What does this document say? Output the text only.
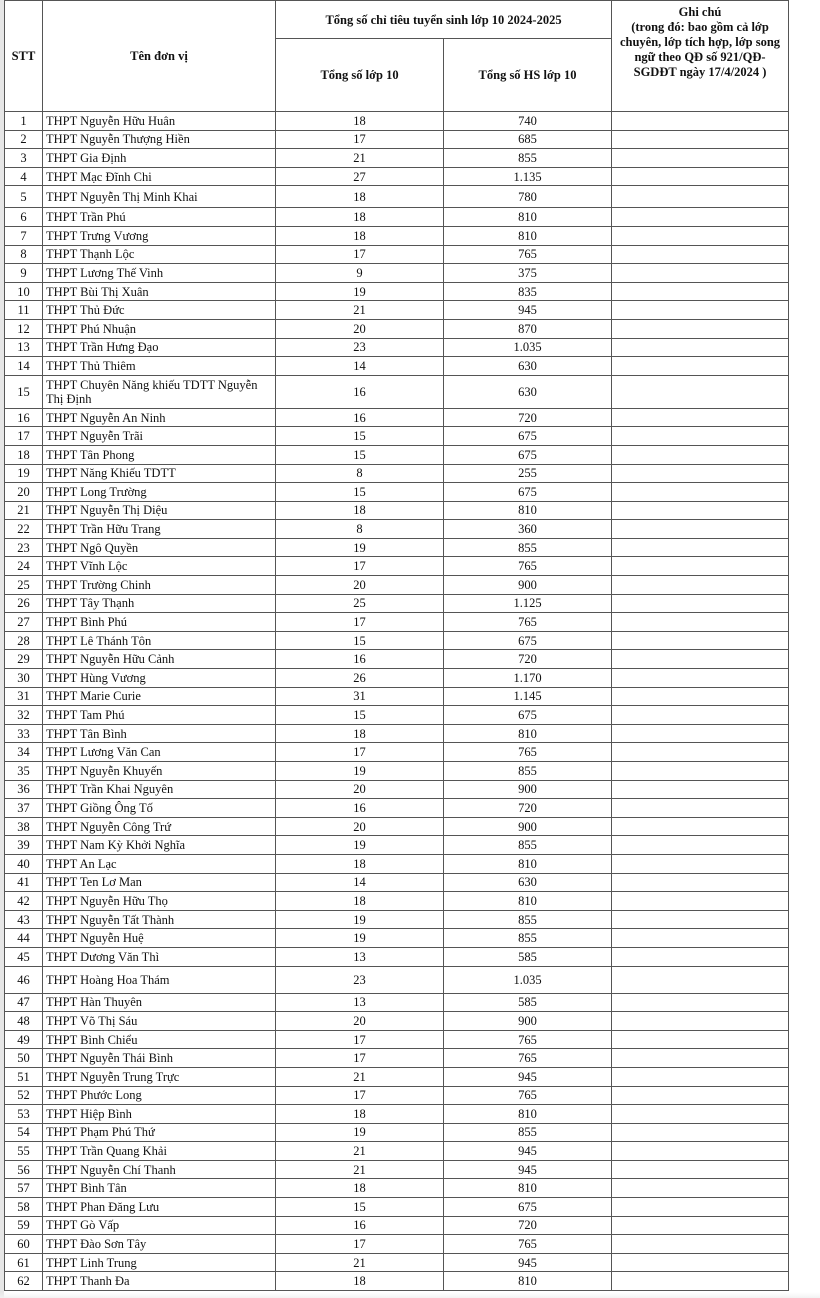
STT	Tên đơn vị	Tổng số chỉ tiêu tuyển sinh lớp 10 2024-2025		Ghi chú
(trong đó: bao gồm cả lớp chuyên, lớp tích hợp, lớp song ngữ theo QĐ số 921/QĐ-SGDĐT ngày 17/4/2024 )

		Tổng số lớp 10	Tổng số HS lớp 10	
1	THPT Nguyễn Hữu Huân	18	740	
2	THPT Nguyễn Thượng Hiền	17	685	
3	THPT Gia Định	21	855	
4	THPT Mạc Đĩnh Chi	27	1.135	
5	THPT Nguyễn Thị Minh Khai	18	780	
6	THPT Trần Phú	18	810	
7	THPT Trưng Vương	18	810	
8	THPT Thạnh Lộc	17	765	
9	THPT Lương Thế Vinh	9	375	
10	THPT Bùi Thị Xuân	19	835	
11	THPT Thủ Đức	21	945	
12	THPT Phú Nhuận	20	870	
13	THPT Trần Hưng Đạo	23	1.035	
14	THPT Thủ Thiêm	14	630	
15	THPT Chuyên Năng khiếu TDTT Nguyễn Thị Định	16	630	
16	THPT Nguyễn An Ninh	16	720	
17	THPT Nguyễn Trãi	15	675	
18	THPT Tân Phong	15	675	
19	THPT Năng Khiếu TDTT	8	255	
20	THPT Long Trường	15	675	
21	THPT Nguyễn Thị Diệu	18	810	
22	THPT Trần Hữu Trang	8	360	
23	THPT Ngô Quyền	19	855	
24	THPT Vĩnh Lộc	17	765	
25	THPT Trường Chinh	20	900	
26	THPT Tây Thạnh	25	1.125	
27	THPT Bình Phú	17	765	
28	THPT Lê Thánh Tôn	15	675	
29	THPT Nguyễn Hữu Cảnh	16	720	
30	THPT Hùng Vương	26	1.170	
31	THPT Marie Curie	31	1.145	
32	THPT Tam Phú	15	675	
33	THPT Tân Bình	18	810	
34	THPT Lương Văn Can	17	765	
35	THPT Nguyễn Khuyến	19	855	
36	THPT Trần Khai Nguyên	20	900	
37	THPT Giồng Ông Tố	16	720	
38	THPT Nguyễn Công Trứ	20	900	
39	THPT Nam Kỳ Khởi Nghĩa	19	855	
40	THPT An Lạc	18	810	
41	THPT Ten Lơ Man	14	630	
42	THPT Nguyễn Hữu Thọ	18	810	
43	THPT Nguyễn Tất Thành	19	855	
44	THPT Nguyễn Huệ	19	855	
45	THPT Dương Văn Thì	13	585	
46	THPT Hoàng Hoa Thám	23	1.035	
47	THPT Hàn Thuyên	13	585	
48	THPT Võ Thị Sáu	20	900	
49	THPT Bình Chiểu	17	765	
50	THPT Nguyễn Thái Bình	17	765	
51	THPT Nguyễn Trung Trực	21	945	
52	THPT Phước Long	17	765	
53	THPT Hiệp Bình	18	810	
54	THPT Phạm Phú Thứ	19	855	
55	THPT Trần Quang Khải	21	945	
56	THPT Nguyễn Chí Thanh	21	945	
57	THPT Bình Tân	18	810	
58	THPT Phan Đăng Lưu	15	675	
59	THPT Gò Vấp	16	720	
60	THPT Đào Sơn Tây	17	765	
61	THPT Linh Trung	21	945	
62	THPT Thanh Đa	18	810	
